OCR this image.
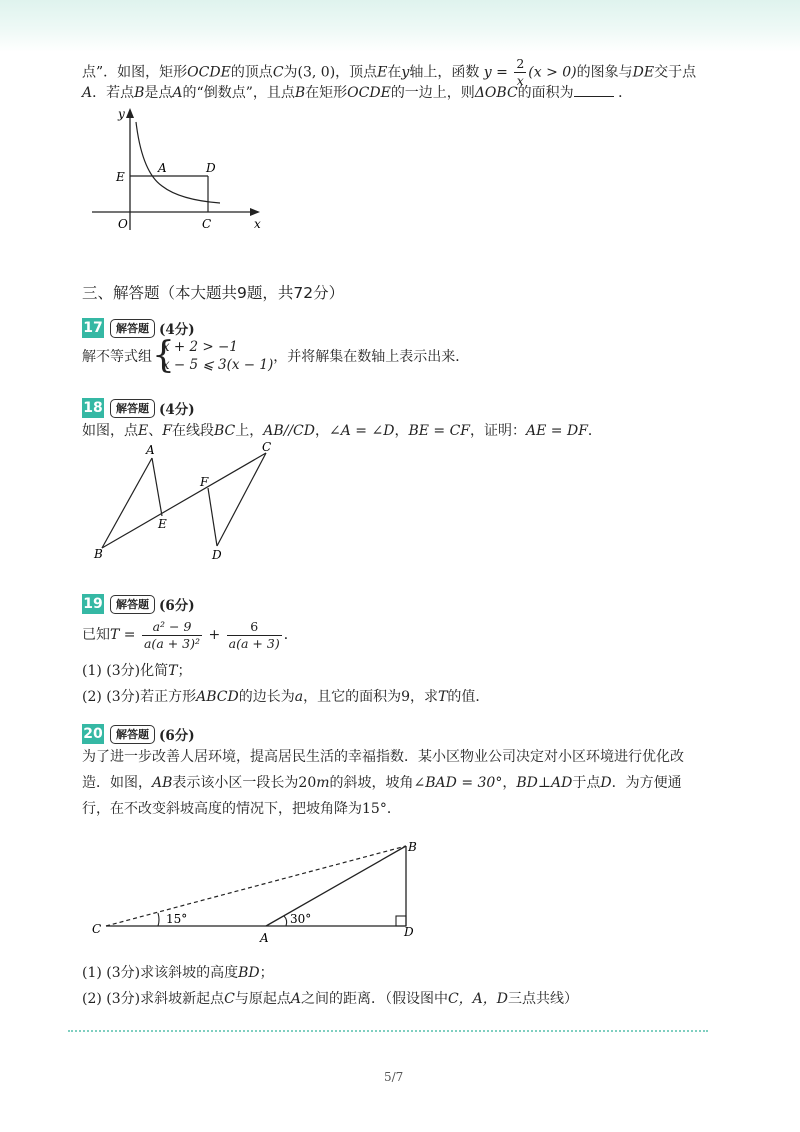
点”．如图，矩形OCDE的顶点C为(3, 0)，顶点E在y轴上，函数 $y = \frac{2}{x} (x > 0)$的图象与DE交于点
A．若点B是点A的“倒数点”，且点B在矩形OCDE的一边上，则ΔOBC的面积为	．
y
E
A	D
O	C	x
三、解答题（本大题共9题，共72分）
17 解答题 (4分)
解不等式组 {
x + 2 > −1
x − 5 ⩽ 3(x − 1) ，并将解集在数轴上表示出来．
18 解答题 (4分)
如图，点E、F在线段BC上，AB//CD，∠A = ∠D，BE = CF，证明：AE = DF．
A	C
F
E
B	D
19 解答题 (6分)
已知$T = \frac{\text{a² − 9}}{\text{a(a + 3)²}} + \frac{6}{a(a + 3)}$ ．
(1) (3分)化简T；
(2) (3分)若正方形ABCD的边长为a，且它的面积为9，求T的值．
20 解答题 (6分)
为了进一步改善人居环境，提高居民生活的幸福指数．某小区物业公司决定对小区环境进行优化改
造．如图，AB表示该小区一段长为20m的斜坡，坡角∠BAD = 30°，BD⊥AD于点D．为方便通
行，在不改变斜坡高度的情况下，把坡角降为15°．
B
C
A	D
15°	30°
(1) (3分)求该斜坡的高度BD；
(2) (3分)求斜坡新起点C与原起点A之间的距离．（假设图中C，A，D三点共线）
5/7
